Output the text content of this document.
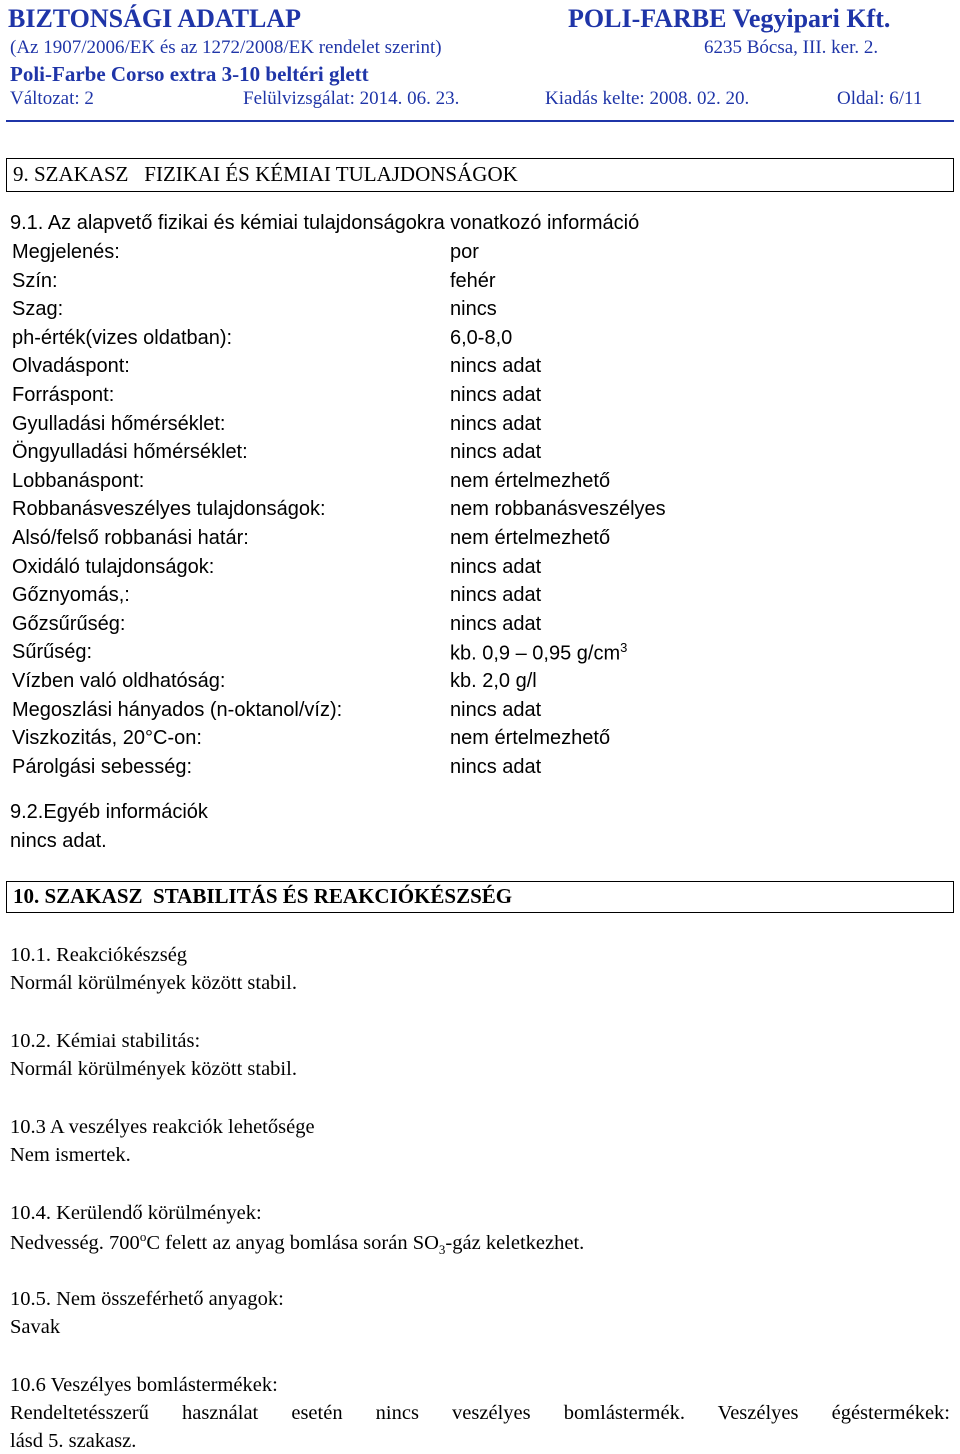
BIZTONSÁGI ADATLAP	POLI-FARBE Vegyipari Kft.
(Az 1907/2006/EK és az 1272/2008/EK rendelet szerint)	6235 Bócsa, III. ker. 2.
Poli-Farbe Corso extra 3-10 beltéri glett
Változat: 2	Felülvizsgálat: 2014. 06. 23.	Kiadás kelte: 2008. 02. 20.	Oldal: 6/11
9. SZAKASZ FIZIKAI ÉS KÉMIAI TULAJDONSÁGOK
9.1. Az alapvető fizikai és kémiai tulajdonságokra vonatkozó információ
Megjelenés:	por
Szín:	fehér
Szag:	nincs
ph-érték(vizes oldatban):	6,0-8,0
Olvadáspont:	nincs adat
Forráspont:	nincs adat
Gyulladási hőmérséklet:	nincs adat
Öngyulladási hőmérséklet:	nincs adat
Lobbanáspont:	nem értelmezhető
Robbanásveszélyes tulajdonságok:	nem robbanásveszélyes
Alsó/felső robbanási határ:	nem értelmezhető
Oxidáló tulajdonságok:	nincs adat
Gőznyomás,:	nincs adat
Gőzsűrűség:	nincs adat
Sűrűség:	kb. 0,9 – 0,95 $g/cm^3$
Vízben való oldhatóság:	kb. 2,0 g/l
Megoszlási hányados (n-oktanol/víz):	nincs adat
Viszkozitás, 20°C-on:	nem értelmezhető
Párolgási sebesség:	nincs adat
9.2.Egyéb információk
nincs adat.
10. SZAKASZ STABILITÁS ÉS REAKCIÓKÉSZSÉG
10.1. Reakciókészség
Normál körülmények között stabil.
10.2. Kémiai stabilitás:
Normál körülmények között stabil.
10.3 A veszélyes reakciók lehetősége
Nem ismertek.
10.4. Kerülendő körülmények:
Nedvesség. 700$^o$C felett az anyag bomlása során $SO_3$-gáz keletkezhet.
10.5. Nem összeférhető anyagok:
Savak
10.6 Veszélyes bomlástermékek:
Rendeltetésszerű használat esetén nincs veszélyes bomlástermék. Veszélyes égéstermékek:
lásd 5. szakasz.
